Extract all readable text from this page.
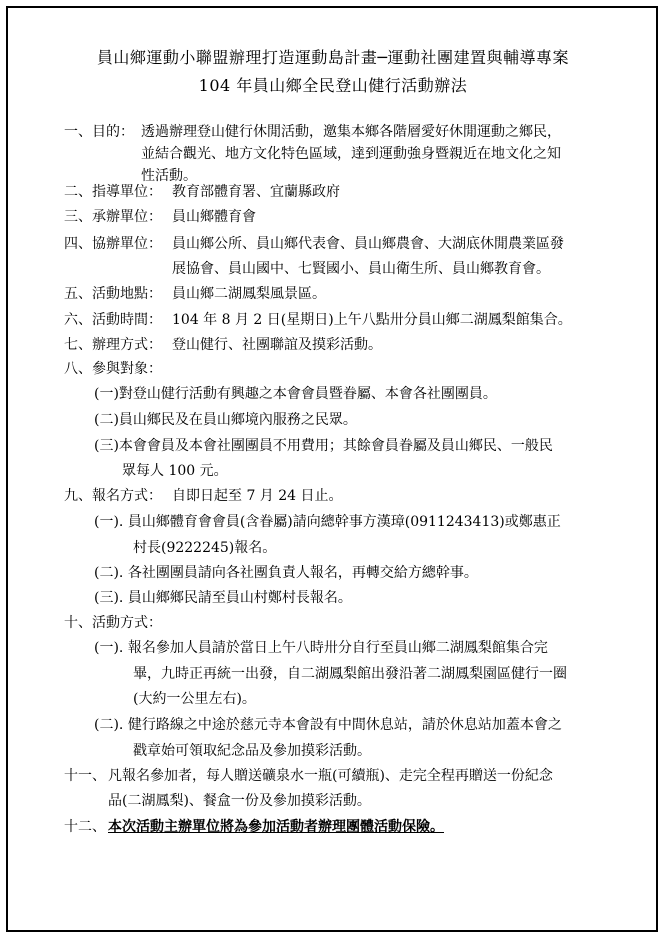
員山鄉運動小聯盟辦理打造運動島計畫─運動社團建置與輔導專案
104 年員山鄉全民登山健行活動辦法
一、目的： 透過辦理登山健行休閒活動，邀集本鄉各階層愛好休閒運動之鄉民，
並結合觀光、地方文化特色區域，達到運動強身暨親近在地文化之知
性活動。
二、指導單位： 教育部體育署、宜蘭縣政府
三、承辦單位： 員山鄉體育會
四、協辦單位： 員山鄉公所、員山鄉代表會、員山鄉農會、大湖底休閒農業區發
展協會、員山國中、七賢國小、員山衛生所、員山鄉教育會。
五、活動地點： 員山鄉二湖鳳梨風景區。
六、活動時間： 104 年 8 月 2 日(星期日)上午八點卅分員山鄉二湖鳳梨館集合。
七、辦理方式： 登山健行、社團聯誼及摸彩活動。
八、參與對象：
(一)對登山健行活動有興趣之本會會員暨眷屬、本會各社團團員。
(二)員山鄉民及在員山鄉境內服務之民眾。
(三)本會會員及本會社團團員不用費用；其餘會員眷屬及員山鄉民、一般民
眾每人 100 元。
九、報名方式： 自即日起至 7 月 24 日止。
(一). 員山鄉體育會會員(含眷屬)請向總幹事方漢璋(0911243413)或鄭惠正
村長(9222245)報名。
(二). 各社團團員請向各社團負責人報名，再轉交給方總幹事。
(三). 員山鄉鄉民請至員山村鄭村長報名。
十、活動方式：
(一). 報名參加人員請於當日上午八時卅分自行至員山鄉二湖鳳梨館集合完
畢，九時正再統一出發，自二湖鳳梨館出發沿著二湖鳳梨園區健行一圈
(大約一公里左右)。
(二). 健行路線之中途於慈元寺本會設有中間休息站，請於休息站加蓋本會之
戳章始可領取紀念品及參加摸彩活動。
十一、 凡報名參加者，每人贈送礦泉水一瓶(可續瓶)、走完全程再贈送一份紀念
品(二湖鳳梨)、餐盒一份及參加摸彩活動。
十二、 本次活動主辦單位將為參加活動者辦理團體活動保險。
